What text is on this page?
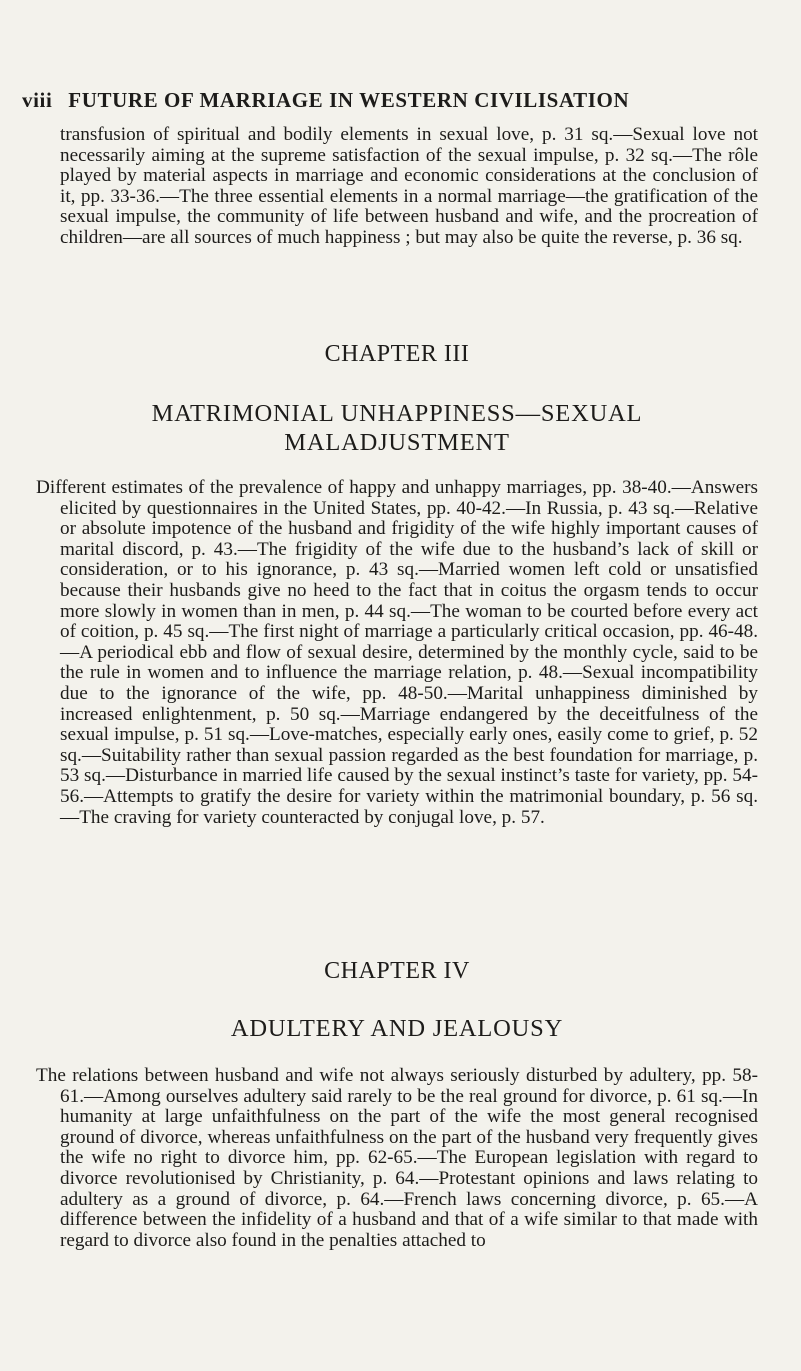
viii FUTURE OF MARRIAGE IN WESTERN CIVILISATION

transfusion of spiritual and bodily elements in sexual love, p. 31 sq.—Sexual love not necessarily aiming at the supreme satisfaction of the sexual impulse, p. 32 sq.—The rôle played by material aspects in marriage and economic considerations at the conclusion of it, pp. 33-36.—The three essential elements in a normal marriage—the gratification of the sexual impulse, the community of life between husband and wife, and the procreation of children—are all sources of much happiness ; but may also be quite the reverse, p. 36 sq.

CHAPTER III

MATRIMONIAL UNHAPPINESS—SEXUAL MALADJUSTMENT

Different estimates of the prevalence of happy and unhappy marriages, pp. 38-40.—Answers elicited by questionnaires in the United States, pp. 40-42.—In Russia, p. 43 sq.—Relative or absolute impotence of the husband and frigidity of the wife highly important causes of marital discord, p. 43.—The frigidity of the wife due to the husband’s lack of skill or consideration, or to his ignorance, p. 43 sq.—Married women left cold or unsatisfied because their husbands give no heed to the fact that in coitus the orgasm tends to occur more slowly in women than in men, p. 44 sq.—The woman to be courted before every act of coition, p. 45 sq.—The first night of marriage a particularly critical occasion, pp. 46-48.—A periodical ebb and flow of sexual desire, determined by the monthly cycle, said to be the rule in women and to influence the marriage relation, p. 48.—Sexual incompatibility due to the ignorance of the wife, pp. 48-50.—Marital unhappiness diminished by increased enlightenment, p. 50 sq.—Marriage endangered by the deceitfulness of the sexual impulse, p. 51 sq.—Love-matches, especially early ones, easily come to grief, p. 52 sq.—Suitability rather than sexual passion regarded as the best foundation for marriage, p. 53 sq.—Disturbance in married life caused by the sexual instinct’s taste for variety, pp. 54-56.—Attempts to gratify the desire for variety within the matrimonial boundary, p. 56 sq.—The craving for variety counteracted by conjugal love, p. 57.

CHAPTER IV

ADULTERY AND JEALOUSY

The relations between husband and wife not always seriously disturbed by adultery, pp. 58-61.—Among ourselves adultery said rarely to be the real ground for divorce, p. 61 sq.—In humanity at large unfaithfulness on the part of the wife the most general recognised ground of divorce, whereas unfaithfulness on the part of the husband very frequently gives the wife no right to divorce him, pp. 62-65.—The European legislation with regard to divorce revolutionised by Christianity, p. 64.—Protestant opinions and laws relating to adultery as a ground of divorce, p. 64.—French laws concerning divorce, p. 65.—A difference between the infidelity of a husband and that of a wife similar to that made with regard to divorce also found in the penalties attached to
